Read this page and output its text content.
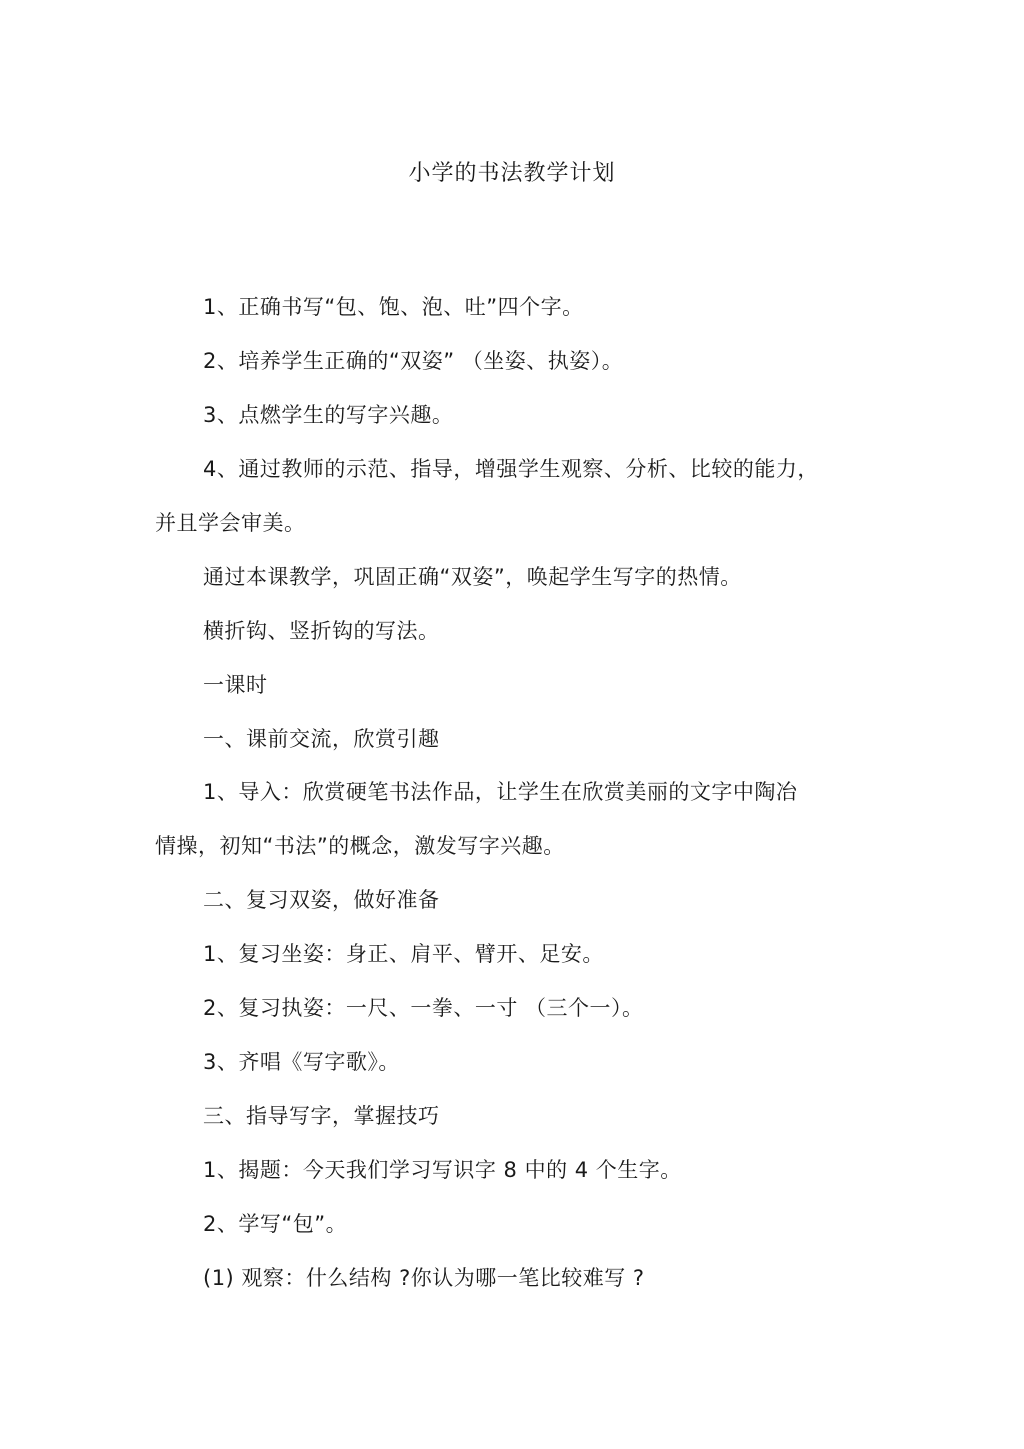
小学的书法教学计划
1、正确书写“包、饱、泡、吐”四个字。
2、培养学生正确的“双姿” （坐姿、执姿）。
3、点燃学生的写字兴趣。
4、通过教师的示范、指导，增强学生观察、分析、比较的能力，
并且学会审美。
通过本课教学，巩固正确“双姿”，唤起学生写字的热情。
横折钩、竖折钩的写法。
一课时
一、课前交流，欣赏引趣
1、导入：欣赏硬笔书法作品，让学生在欣赏美丽的文字中陶冶
情操，初知“书法”的概念，激发写字兴趣。
二、复习双姿，做好准备
1、复习坐姿：身正、肩平、臂开、足安。
2、复习执姿：一尺、一拳、一寸 （三个一）。
3、齐唱《写字歌》。
三、指导写字，掌握技巧
1、揭题：今天我们学习写识字 8 中的 4 个生字。
2、学写“包”。
(1) 观察：什么结构 ?你认为哪一笔比较难写 ?
